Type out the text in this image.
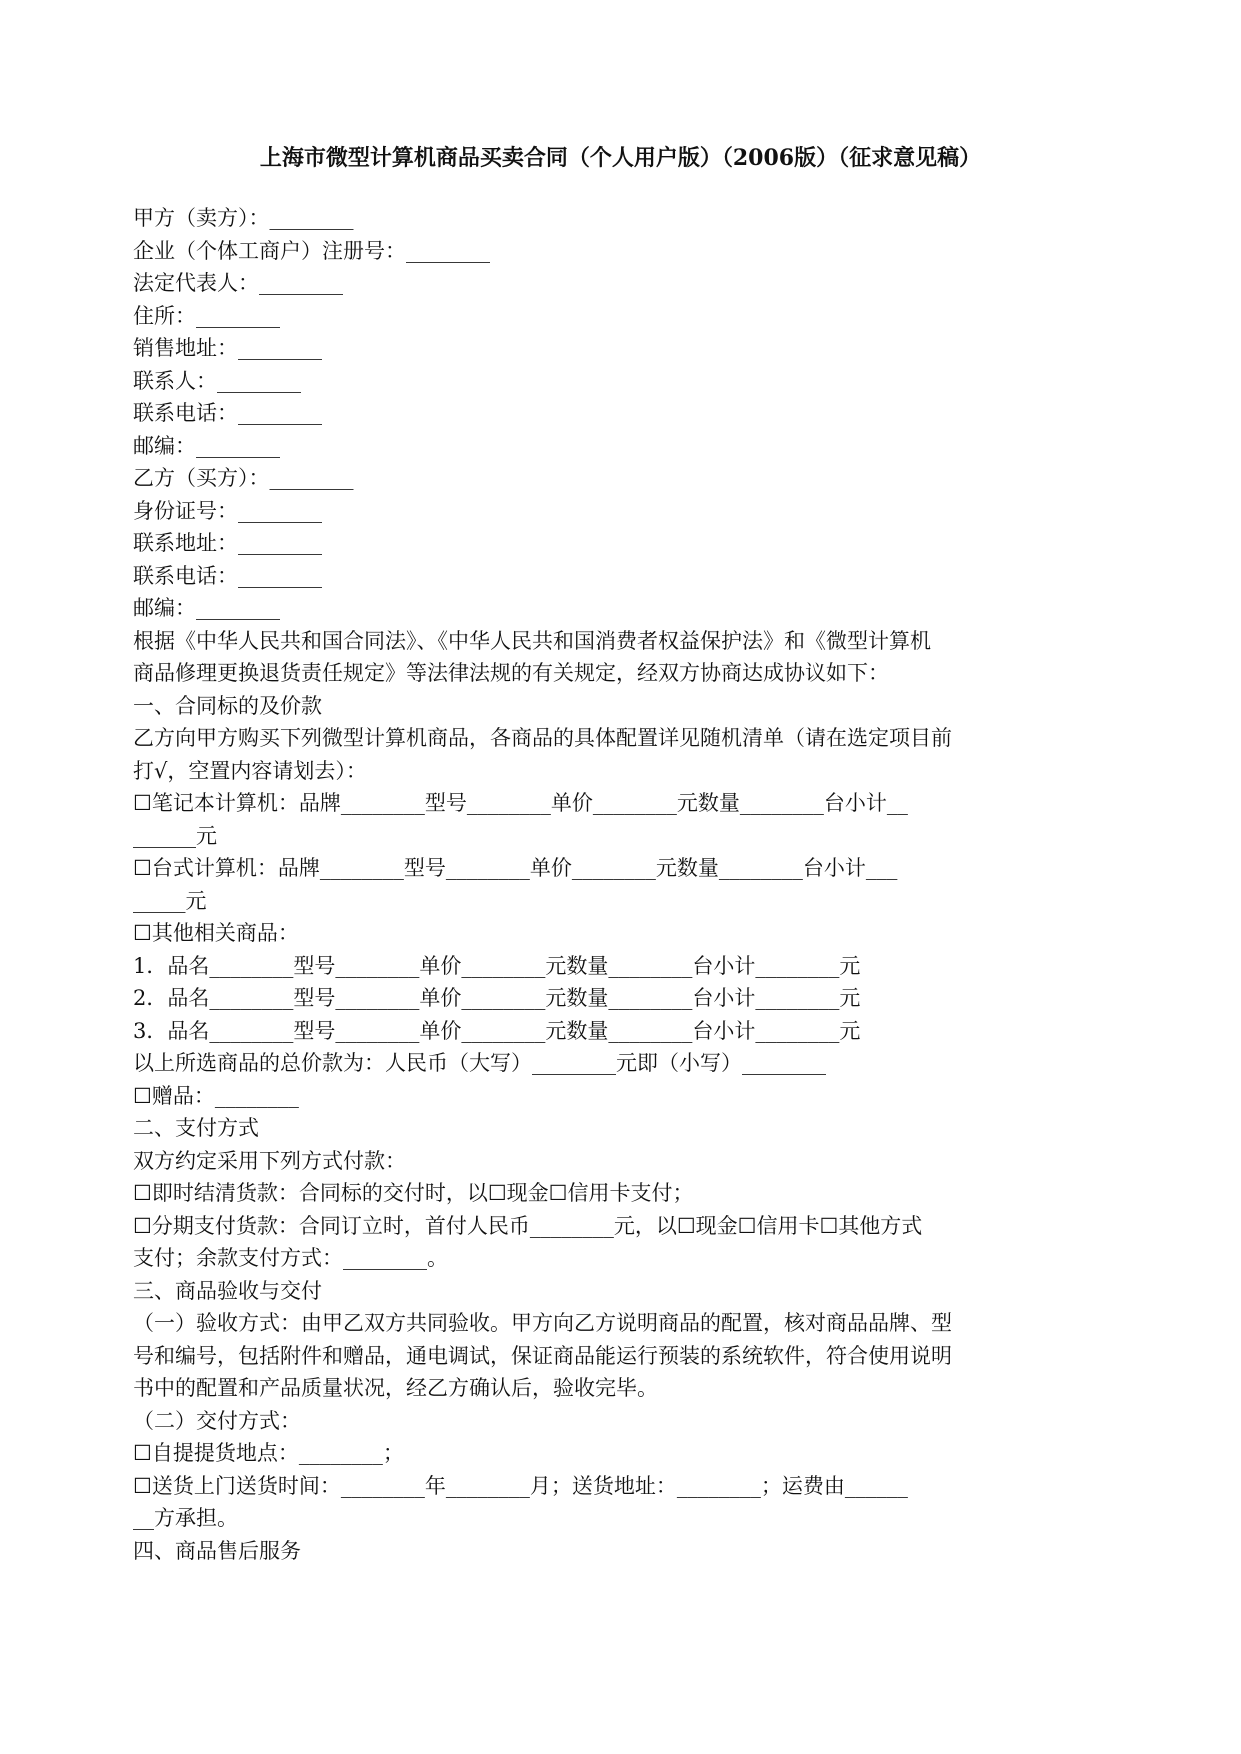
上海市微型计算机商品买卖合同（个人用户版）（2006版）（征求意见稿）
甲方（卖方）：________
企业（个体工商户）注册号：________
法定代表人：________
住所：________
销售地址：________
联系人：________
联系电话：________
邮编：________
乙方（买方）：________
身份证号：________
联系地址：________
联系电话：________
邮编：________
根据《中华人民共和国合同法》、《中华人民共和国消费者权益保护法》和《微型计算机
商品修理更换退货责任规定》等法律法规的有关规定，经双方协商达成协议如下：
一、合同标的及价款
乙方向甲方购买下列微型计算机商品，各商品的具体配置详见随机清单（请在选定项目前
打√，空置内容请划去）：
☐笔记本计算机：品牌________型号________单价________元数量________台小计__
______元
☐台式计算机：品牌________型号________单价________元数量________台小计___
_____元
☐其他相关商品：
1．品名________型号________单价________元数量________台小计________元
2．品名________型号________单价________元数量________台小计________元
3．品名________型号________单价________元数量________台小计________元
以上所选商品的总价款为：人民币（大写）________元即（小写）________
☐赠品：________
二、支付方式
双方约定采用下列方式付款：
☐即时结清货款：合同标的交付时，以☐现金☐信用卡支付；
☐分期支付货款：合同订立时，首付人民币________元，以☐现金☐信用卡☐其他方式
支付；余款支付方式：________。
三、商品验收与交付
（一）验收方式：由甲乙双方共同验收。甲方向乙方说明商品的配置，核对商品品牌、型
号和编号，包括附件和赠品，通电调试，保证商品能运行预装的系统软件，符合使用说明
书中的配置和产品质量状况，经乙方确认后，验收完毕。
（二）交付方式：
☐自提提货地点：________；
☐送货上门送货时间：________年________月；送货地址：________；运费由______
__方承担。
四、商品售后服务
